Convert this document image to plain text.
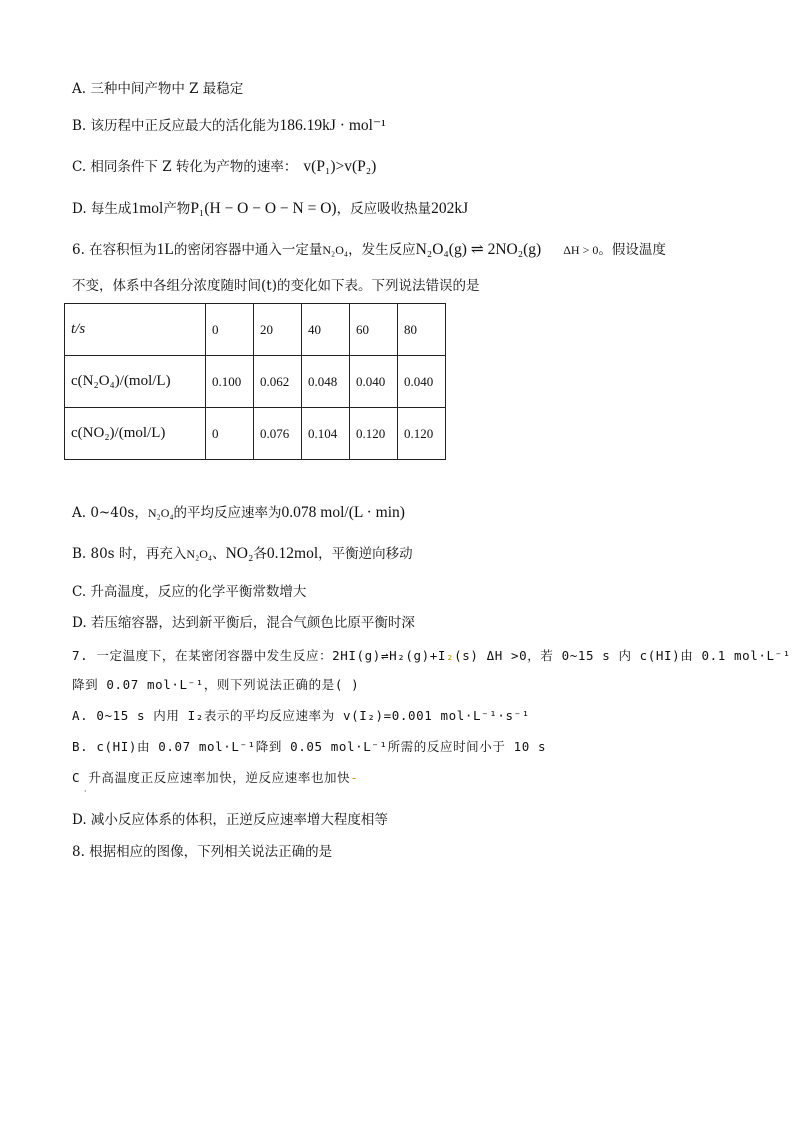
A. 三种中间产物中 Z 最稳定
B. 该历程中正反应最大的活化能为186.19kJ · mol⁻¹
C. 相同条件下 Z 转化为产物的速率： v(P₁)>v(P₂)
D. 每生成1mol产物P₁(H − O − O − N = O)，反应吸收热量202kJ
6. 在容积恒为1L的密闭容器中通入一定量N₂O₄，发生反应N₂O₄(g) ⇌ 2NO₂(g) ΔH > 0。假设温度
不变，体系中各组分浓度随时间(t)的变化如下表。下列说法错误的是
t/s	0	20	40	60	80
c(N₂O₄)/(mol/L)	0.100	0.062	0.048	0.040	0.040
c(NO₂)/(mol/L)	0	0.076	0.104	0.120	0.120
A. 0~40s，N₂O₄的平均反应速率为0.078 mol/(L · min)
B. 80s 时，再充入N₂O₄、NO₂各0.12mol，平衡逆向移动
C. 升高温度，反应的化学平衡常数增大
D. 若压缩容器，达到新平衡后，混合气颜色比原平衡时深
7. 一定温度下，在某密闭容器中发生反应：2HI(g)⇌H₂(g)+I₂(s) ΔH >0，若 0~15 s 内 c(HI)由 0.1 mol·L⁻¹
降到 0.07 mol·L⁻¹，则下列说法正确的是( )
A. 0~15 s 内用 I₂表示的平均反应速率为 v(I₂)=0.001 mol·L⁻¹·s⁻¹
B. c(HI)由 0.07 mol·L⁻¹降到 0.05 mol·L⁻¹所需的反应时间小于 10 s
C 升高温度正反应速率加快，逆反应速率也加快-
·
D. 减小反应体系的体积，正逆反应速率增大程度相等
8. 根据相应的图像，下列相关说法正确的是
